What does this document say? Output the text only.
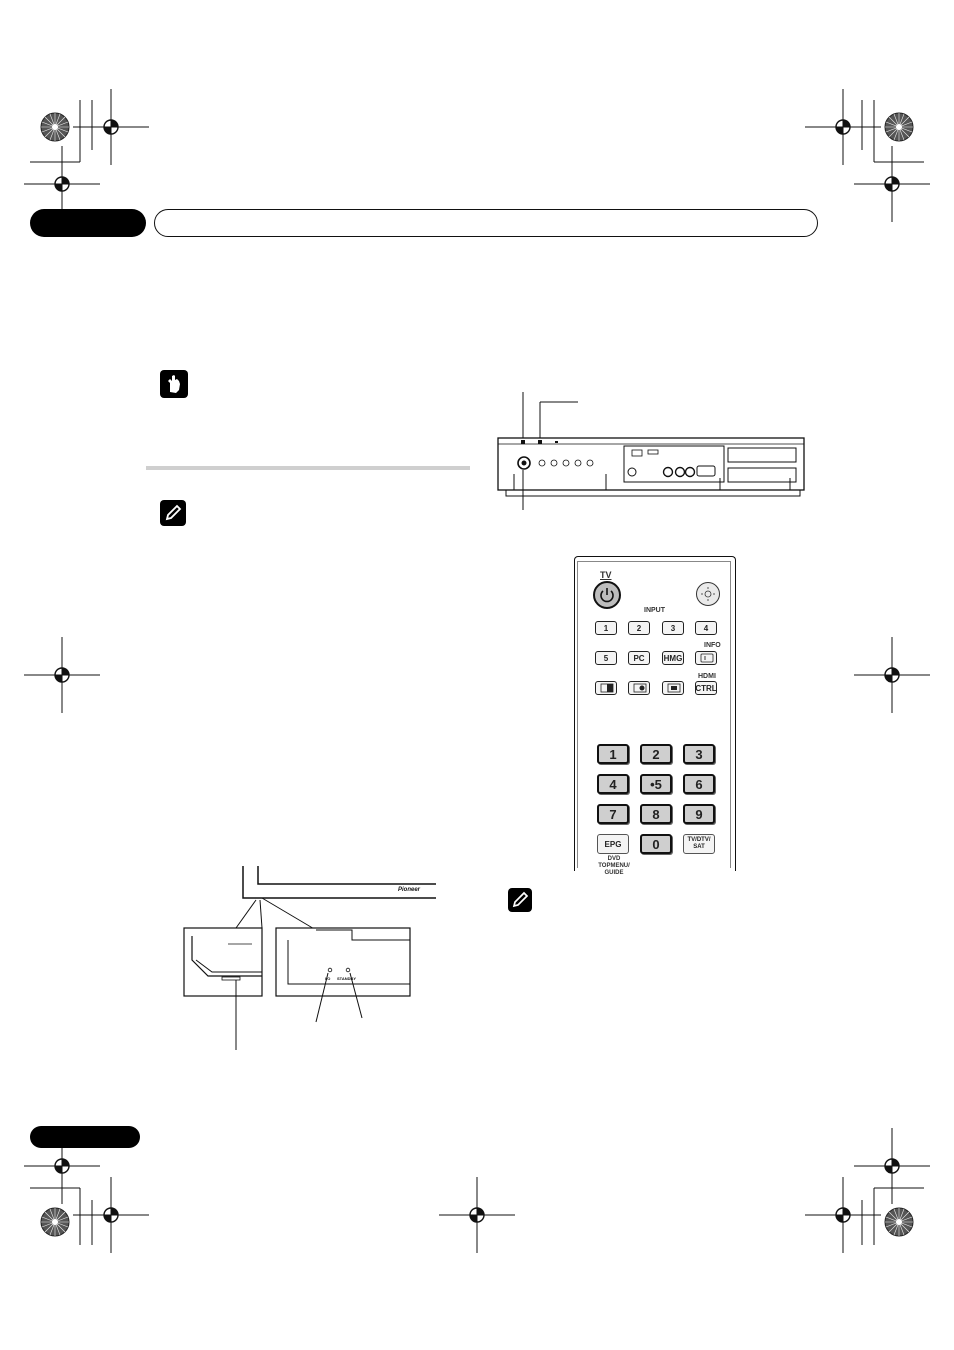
Pioneer
I/O STANDBY
TV
INPUT
1	2	3	4
5	PC	HMG
INFO
HDMI
CTRL
1	2	3
4	•5	6
7	8	9
EPG	0	TV/DTV/ SAT
DVD TOPMENU/ GUIDE
